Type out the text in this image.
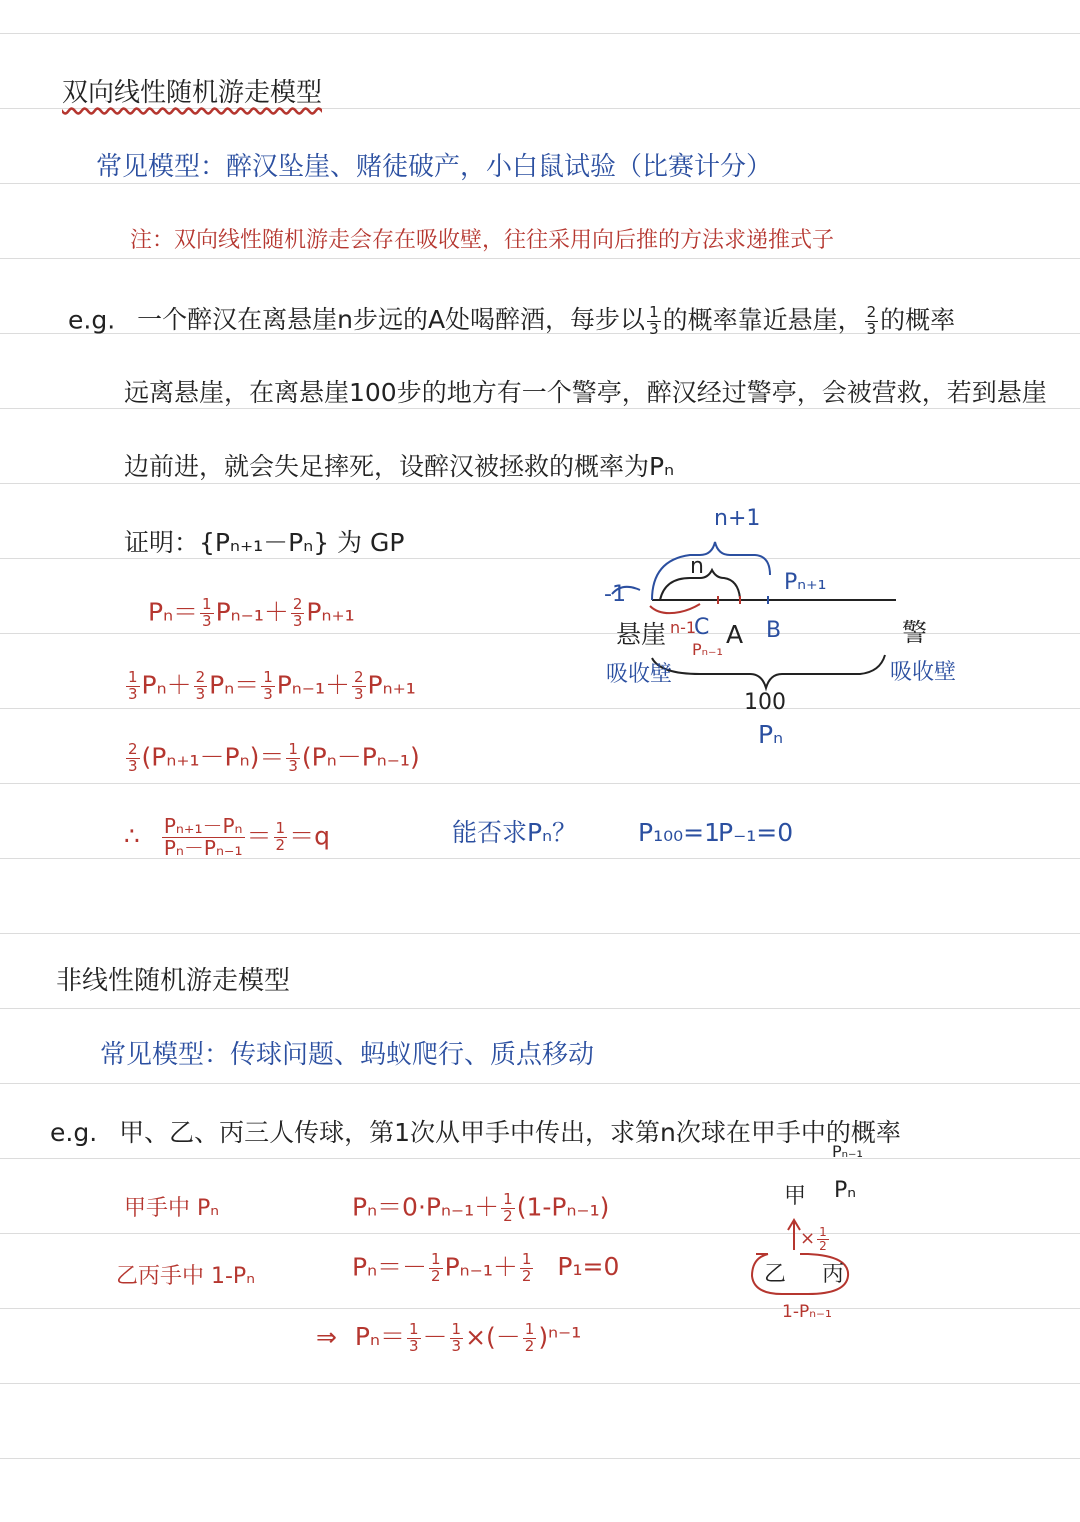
双向线性随机游走模型
常见模型：醉汉坠崖、赌徒破产，小白鼠试验（比赛计分）
注：双向线性随机游走会存在吸收壁，往往采用向后推的方法求递推式子
e.g. 一个醉汉在离悬崖n步远的A处喝醉酒，每步以 $\frac{1}{3}$ 的概率靠近悬崖， $\frac{2}{3}$ 的概率
远离悬崖，在离悬崖100步的地方有一个警亭，醉汉经过警亭，会被营救，若到悬崖
边前进，就会失足摔死，设醉汉被拯救的概率为Pₙ
证明：{Pₙ₊₁－Pₙ} 为 GP
$P_n= \frac{1}{3} P_{n-1}+ \frac{2}{3} P_{n+1}$
$\frac{1}{3} P_n+ \frac{2}{3} P_n= \frac{1}{3} P_{n-1}+ \frac{2}{3} P_{n+1}$
$\frac{2}{3} (P_{n+1}-P_n)= \frac{1}{3} (P_n-P_{n-1})$
∴ $\frac{\text{Pₙ₊₁－Pₙ}}{\text{Pₙ－Pₙ₋₁}} = \frac{1}{2} =q$	能否求Pₙ？ P₁₀₀=1
P₋₁=0
n+1
n
Pₙ₊₁
-1
悬崖 n-1
C A B
Pₙ₋₁
吸收壁
警
吸收壁
100
Pₙ
非线性随机游走模型
常见模型：传球问题、蚂蚁爬行、质点移动
e.g. 甲、乙、丙三人传球，第1次从甲手中传出，求第n次球在甲手中的概率
甲手中 Pₙ
乙丙手中 1-Pₙ
$P_n=0\cdot P_{n-1}+ \frac{1}{2} (1-P_{n-1})$
$P_n=- \frac{1}{2} P_{n-1}+ \frac{1}{2} P_1=0$
⇒ $P_n= \frac{1}{3} - \frac{1}{3}$ ×(－ $\frac{1}{2} )^{n-1}$
Pₙ₋₁
甲 Pₙ
× $\frac{1}{2}$
乙 丙
1-Pₙ₋₁
